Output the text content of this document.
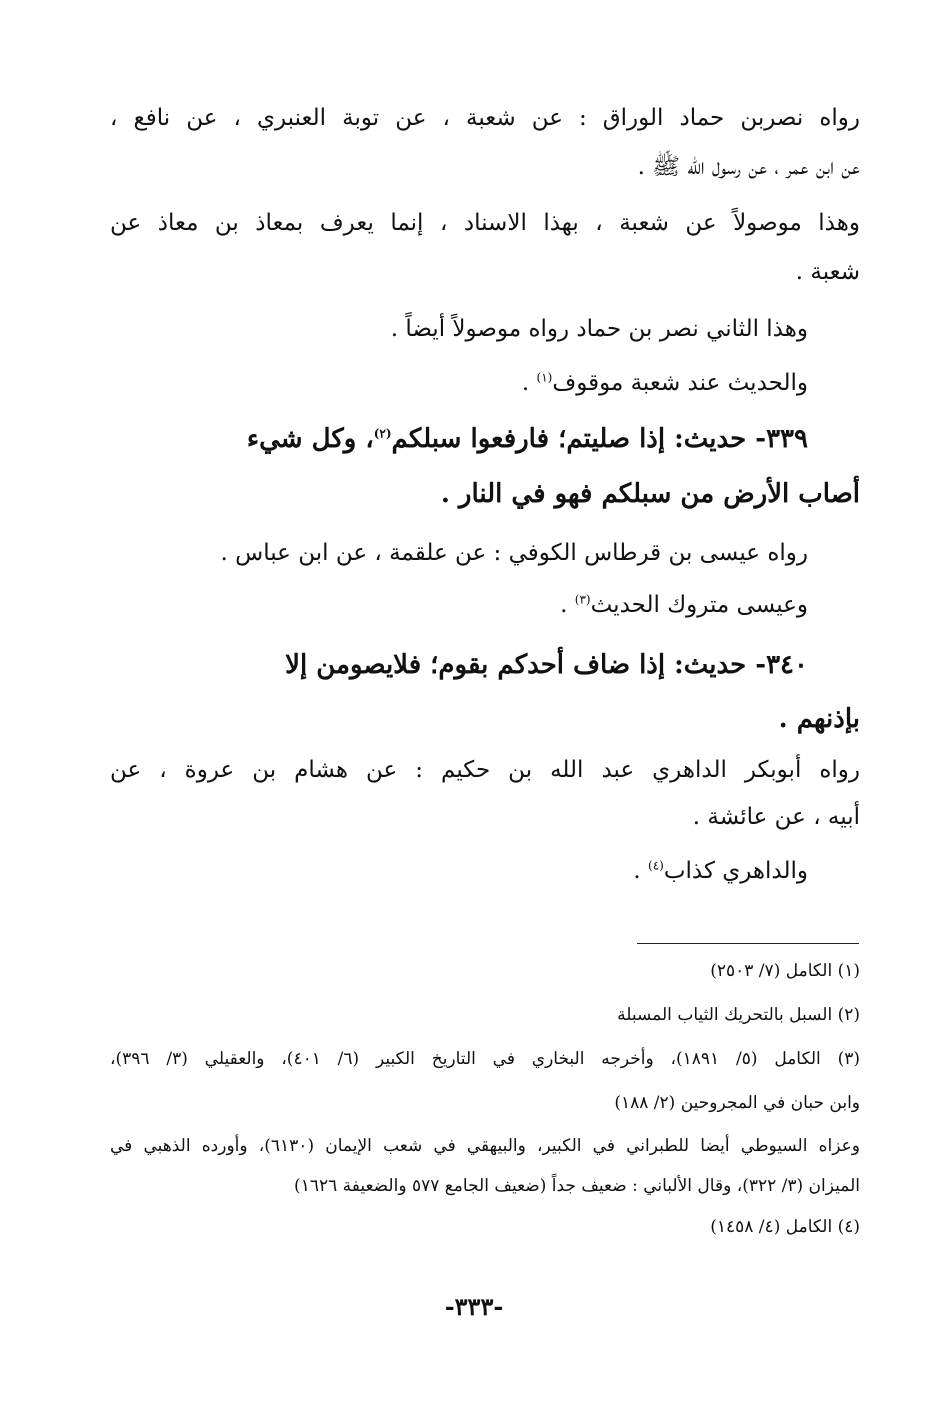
رواه نصربن حماد الوراق : عن شعبة ، عن توبة العنبري ، عن نافع ،
عن ابن عمر ، عن رسول الله ﷺ .
وهذا موصولاً عن شعبة ، بهذا الاسناد ، إنما يعرف بمعاذ بن معاذ عن
شعبة .
وهذا الثاني نصر بن حماد رواه موصولاً أيضاً .
والحديث عند شعبة موقوف$^{(١)}$ .
٣٣٩- حديث: إذا صليتم؛ فارفعوا سبلكم$^{(٢)}$، وكل شيء
أصاب الأرض من سبلكم فهو في النار .
رواه عيسى بن قرطاس الكوفي : عن علقمة ، عن ابن عباس .
وعيسى متروك الحديث$^{(٣)}$ .
٣٤٠- حديث: إذا ضاف أحدكم بقوم؛ فلايصومن إلا
بإذنهم .
رواه أبوبكر الداهري عبد الله بن حكيم : عن هشام بن عروة ، عن
أبيه ، عن عائشة .
والداهري كذاب$^{(٤)}$ .
(١) الكامل (٧/ ٢٥٠٣)
(٢) السبل بالتحريك الثياب المسبلة
(٣) الكامل (٥/ ١٨٩١)، وأخرجه البخاري في التاريخ الكبير (٦/ ٤٠١)، والعقيلي (٣/ ٣٩٦)،
وابن حبان في المجروحين (٢/ ١٨٨)
وعزاه السيوطي أيضا للطبراني في الكبير، والبيهقي في شعب الإيمان (٦١٣٠)، وأورده الذهبي في
الميزان (٣/ ٣٢٢)، وقال الألباني : ضعيف جداً (ضعيف الجامع ٥٧٧ والضعيفة ١٦٢٦)
(٤) الكامل (٤/ ١٤٥٨)
-٣٣٣-
